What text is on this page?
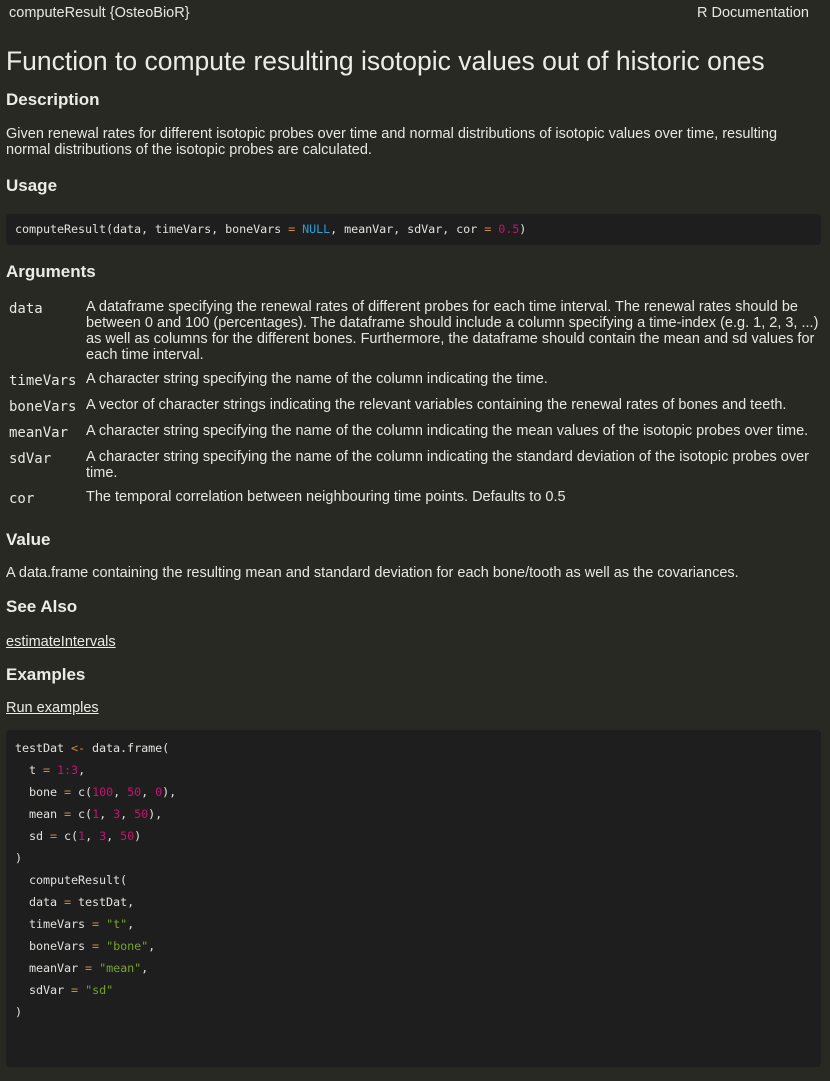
computeResult {OsteoBioR}	R Documentation
Function to compute resulting isotopic values out of historic ones
Description

Given renewal rates for different isotopic probes over time and normal distributions of isotopic values over time, resulting normal distributions of the isotopic probes are calculated.

Usage
computeResult(data, timeVars, boneVars = NULL, meanVar, sdVar, cor = 0.5)
Arguments
data	A dataframe specifying the renewal rates of different probes for each time interval. The renewal rates should be between 0 and 100 (percentages). The dataframe should include a column specifying a time-index (e.g. 1, 2, 3, ...) as well as columns for the different bones. Furthermore, the dataframe should contain the mean and sd values for each time interval.
timeVars	A character string specifying the name of the column indicating the time.
boneVars	A vector of character strings indicating the relevant variables containing the renewal rates of bones and teeth.
meanVar	A character string specifying the name of the column indicating the mean values of the isotopic probes over time.
sdVar	A character string specifying the name of the column indicating the standard deviation of the isotopic probes over time.
cor	The temporal correlation between neighbouring time points. Defaults to 0.5
Value

A data.frame containing the resulting mean and standard deviation for each bone/tooth as well as the covariances.

See Also
estimateIntervals
Examples
Run examples
testDat <- data.frame(
t = 1:3,
bone = c(100, 50, 0),
mean = c(1, 3, 50),
sd = c(1, 3, 50)
)
computeResult(
data = testDat,
timeVars = "t",
boneVars = "bone",
meanVar = "mean",
sdVar = "sd"
)
